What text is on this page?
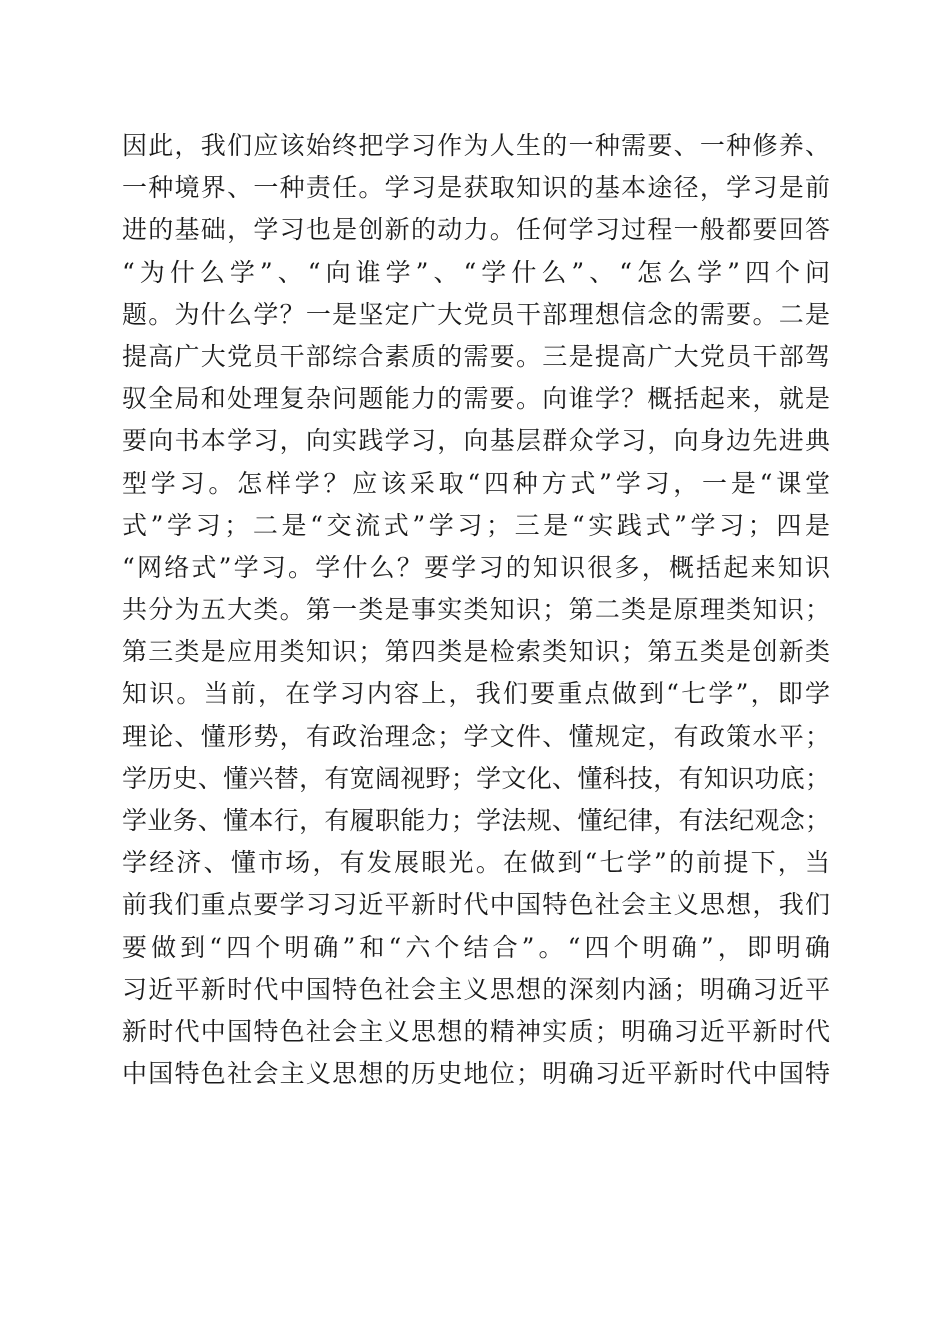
因此，我们应该始终把学习作为人生的一种需要、一种修养、
一种境界、一种责任。学习是获取知识的基本途径，学习是前
进的基础，学习也是创新的动力。任何学习过程一般都要回答
“为什么学”、“向谁学”、“学什么”、“怎么学”四个问
题。为什么学？一是坚定广大党员干部理想信念的需要。二是
提高广大党员干部综合素质的需要。三是提高广大党员干部驾
驭全局和处理复杂问题能力的需要。向谁学？概括起来，就是
要向书本学习，向实践学习，向基层群众学习，向身边先进典
型学习。怎样学？应该采取“四种方式”学习，一是“课堂
式”学习；二是“交流式”学习；三是“实践式”学习；四是
“网络式”学习。学什么？要学习的知识很多，概括起来知识
共分为五大类。第一类是事实类知识；第二类是原理类知识；
第三类是应用类知识；第四类是检索类知识；第五类是创新类
知识。当前，在学习内容上，我们要重点做到“七学”，即学
理论、懂形势，有政治理念；学文件、懂规定，有政策水平；
学历史、懂兴替，有宽阔视野；学文化、懂科技，有知识功底；
学业务、懂本行，有履职能力；学法规、懂纪律，有法纪观念；
学经济、懂市场，有发展眼光。在做到“七学”的前提下，当
前我们重点要学习习近平新时代中国特色社会主义思想，我们
要做到“四个明确”和“六个结合”。“四个明确”，即明确
习近平新时代中国特色社会主义思想的深刻内涵；明确习近平
新时代中国特色社会主义思想的精神实质；明确习近平新时代
中国特色社会主义思想的历史地位；明确习近平新时代中国特
